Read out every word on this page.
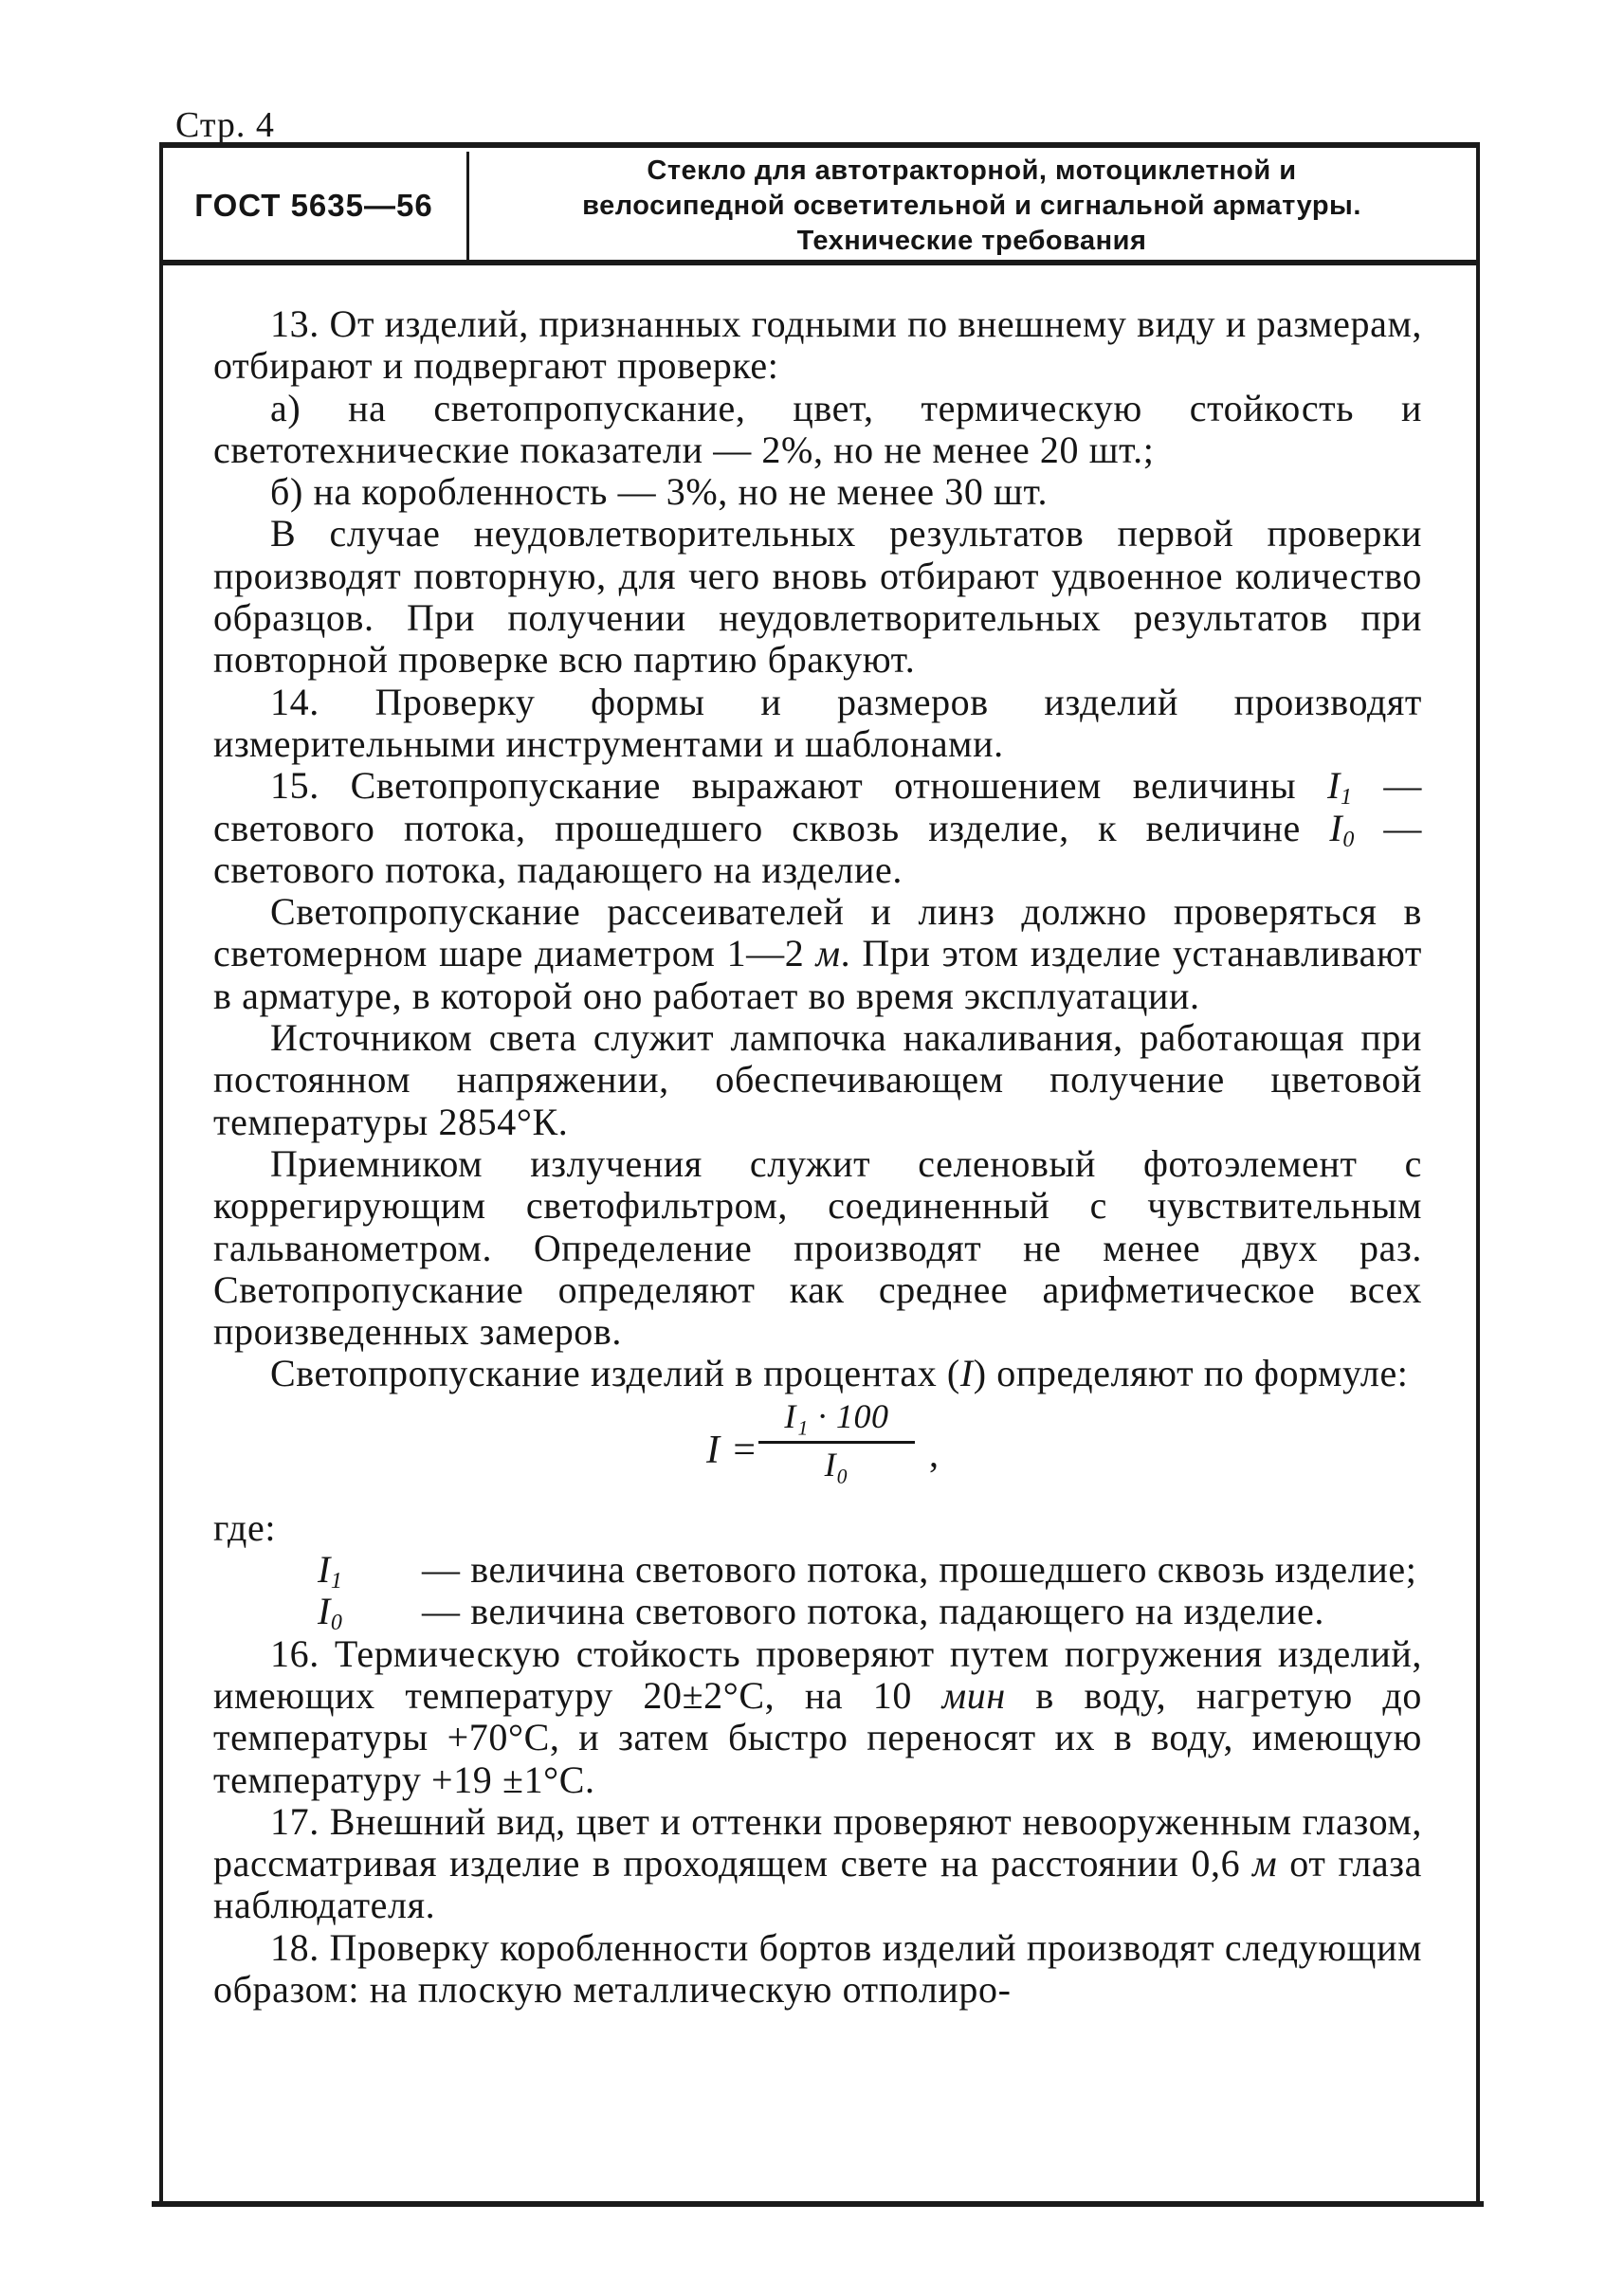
Стр. 4
ГОСТ 5635—56
Стекло для автотракторной, мотоциклетной и
велосипедной осветительной и сигнальной арматуры.
Технические требования

13. От изделий, признанных годными по внешнему виду и размерам, отбирают и подвергают проверке:

а) на светопропускание, цвет, термическую стойкость и светотехнические показатели — 2%, но не менее 20 шт.;

б) на коробленность — 3%, но не менее 30 шт.

В случае неудовлетворительных результатов первой проверки производят повторную, для чего вновь отбирают удвоенное количество образцов. При получении неудовлетворительных результатов при повторной проверке всю партию бракуют.

14. Проверку формы и размеров изделий производят измерительными инструментами и шаблонами.

15. Светопропускание выражают отношением величины $I_1$ — светового потока, прошедшего сквозь изделие, к величине $I_0$ — светового потока, падающего на изделие.

Светопропускание рассеивателей и линз должно проверяться в светомерном шаре диаметром 1—2 м. При этом изделие устанавливают в арматуре, в которой оно работает во время эксплуатации.

Источником света служит лампочка накаливания, работающая при постоянном напряжении, обеспечивающем получение цветовой температуры 2854°К.

Приемником излучения служит селеновый фотоэлемент с коррегирующим светофильтром, соединенный с чувствительным гальванометром. Определение производят не менее двух раз. Светопропускание определяют как среднее арифметическое всех произведенных замеров.

Светопропускание изделий в процентах (I) определяют по формуле:

I =
I₁ · 100
I₀	,

где:

$I_1$	— величина светового потока, прошедшего сквозь изделие;

$I_0$	— величина светового потока, падающего на изделие.

16. Термическую стойкость проверяют путем погружения изделий, имеющих температуру 20±2°С, на 10 мин в воду, нагретую до температуры +70°С, и затем быстро переносят их в воду, имеющую температуру +19 ±1°С.

17. Внешний вид, цвет и оттенки проверяют невооруженным глазом, рассматривая изделие в проходящем свете на расстоянии 0,6 м от глаза наблюдателя.

18. Проверку коробленности бортов изделий производят следующим образом: на плоскую металлическую отполиро-
